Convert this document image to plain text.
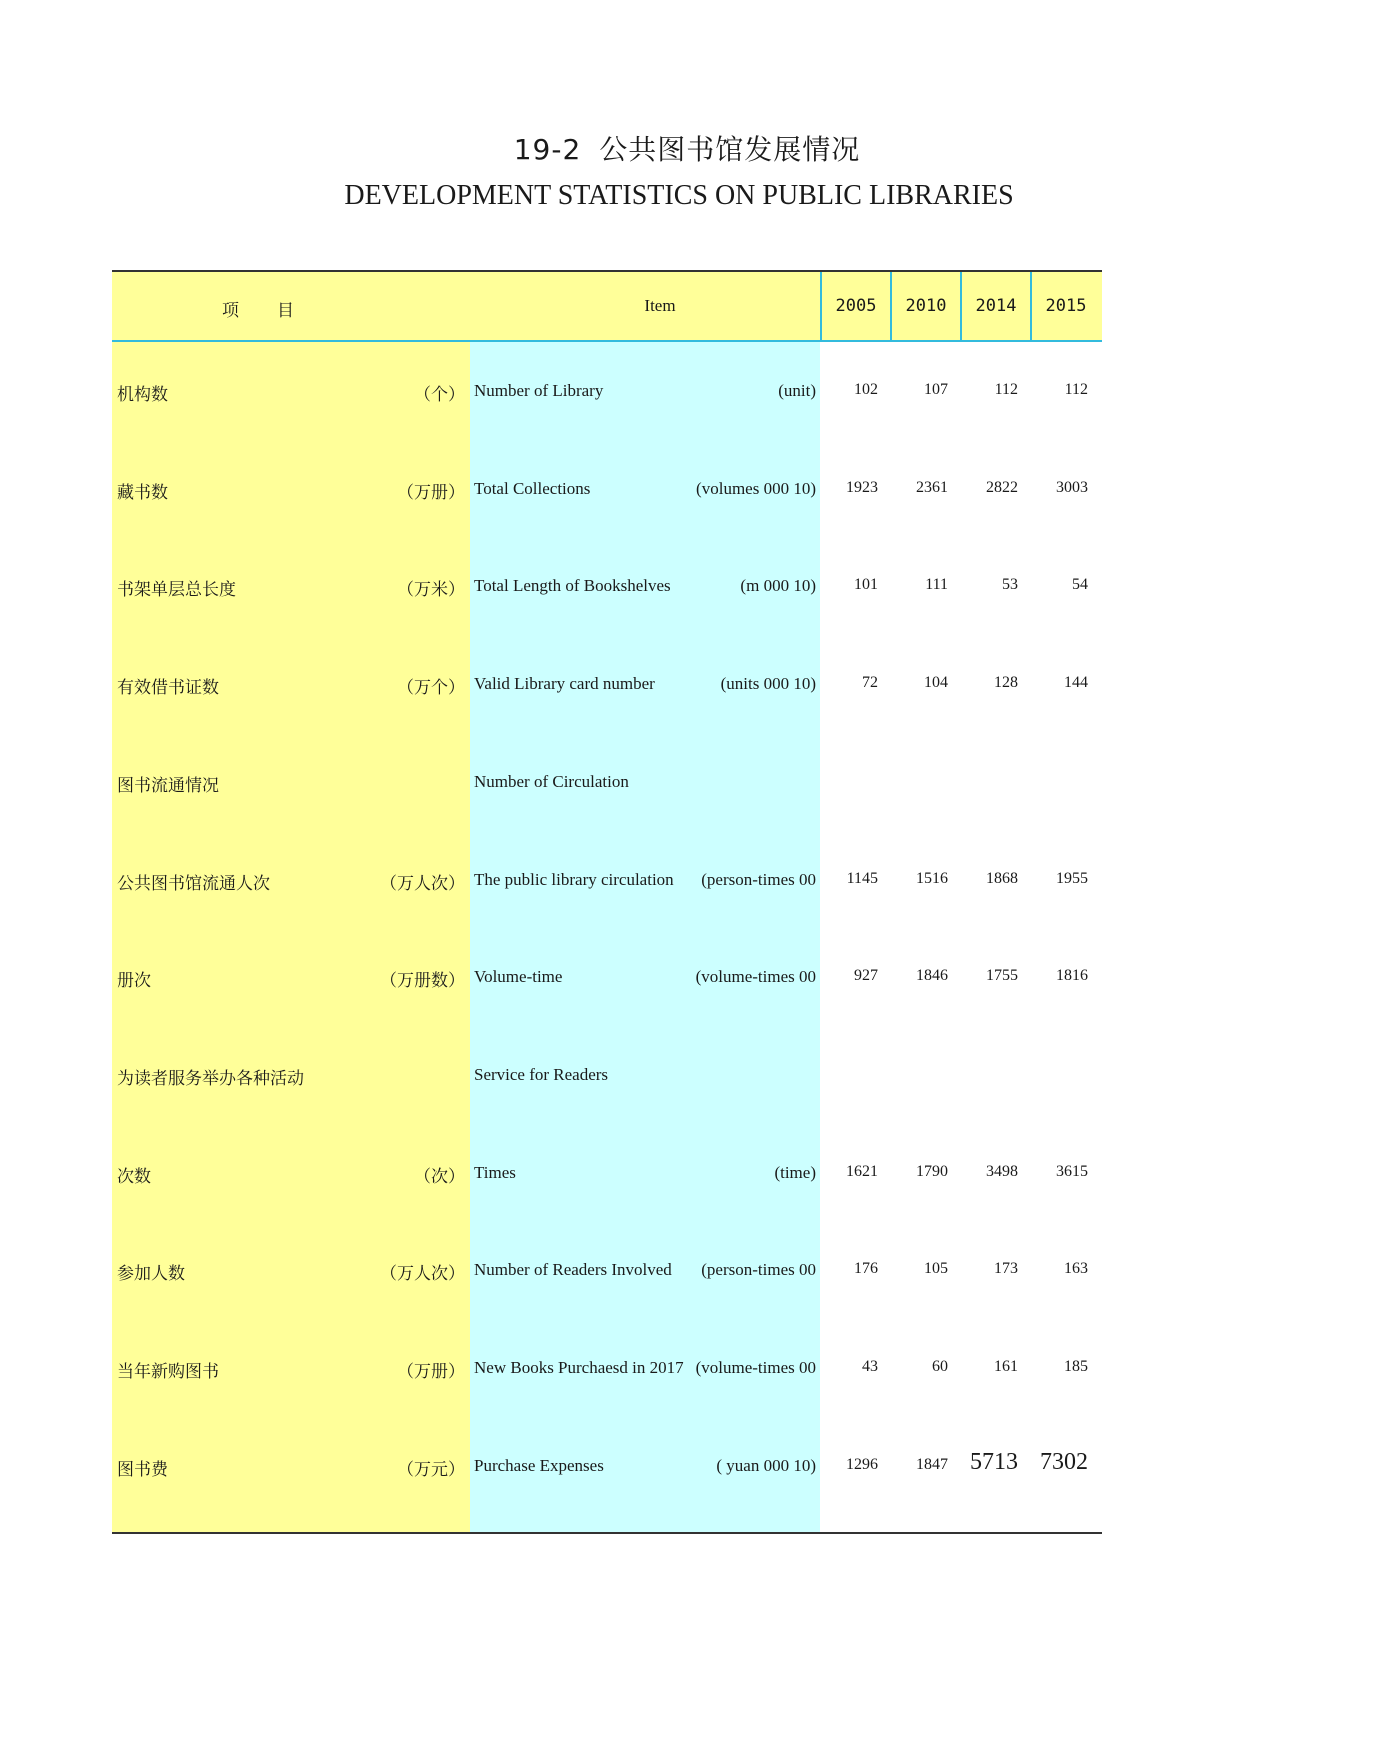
19-2 公共图书馆发展情况
DEVELOPMENT STATISTICS ON PUBLIC LIBRARIES
项目	Item	2005	2010	2014	2015
机构数	（个） Number of Library	(unit)	102	107	112	112
藏书数	（万册） Total Collections	(10 000 volumes)	1923	2361	2822	3003
书架单层总长度	（万米） Total Length of Bookshelves	(10 000 m)	101	111	53	54
有效借书证数	（万个） Valid Library card number	(10 000 units)	72	104	128	144
图书流通情况	Number of Circulation
公共图书馆流通人次	（万人次） The public library circulation 00 person-times)	1145	1516	1868	1955
册次	（万册数） Volume-time	00 volume-times)	927	1846	1755	1816
为读者服务举办各种活动	Service for Readers
次数	（次） Times	(time)	1621	1790	3498	3615
参加人数	（万人次） Number of Readers Involved 00 person-times)	176	105	173	163
当年新购图书	（万册） New Books Purchaesd in 2017 00 volume-times)	43	60	161	185
图书费	（万元） Purchase Expenses	(10 000 yuan )	1296	1847 5713 7302
